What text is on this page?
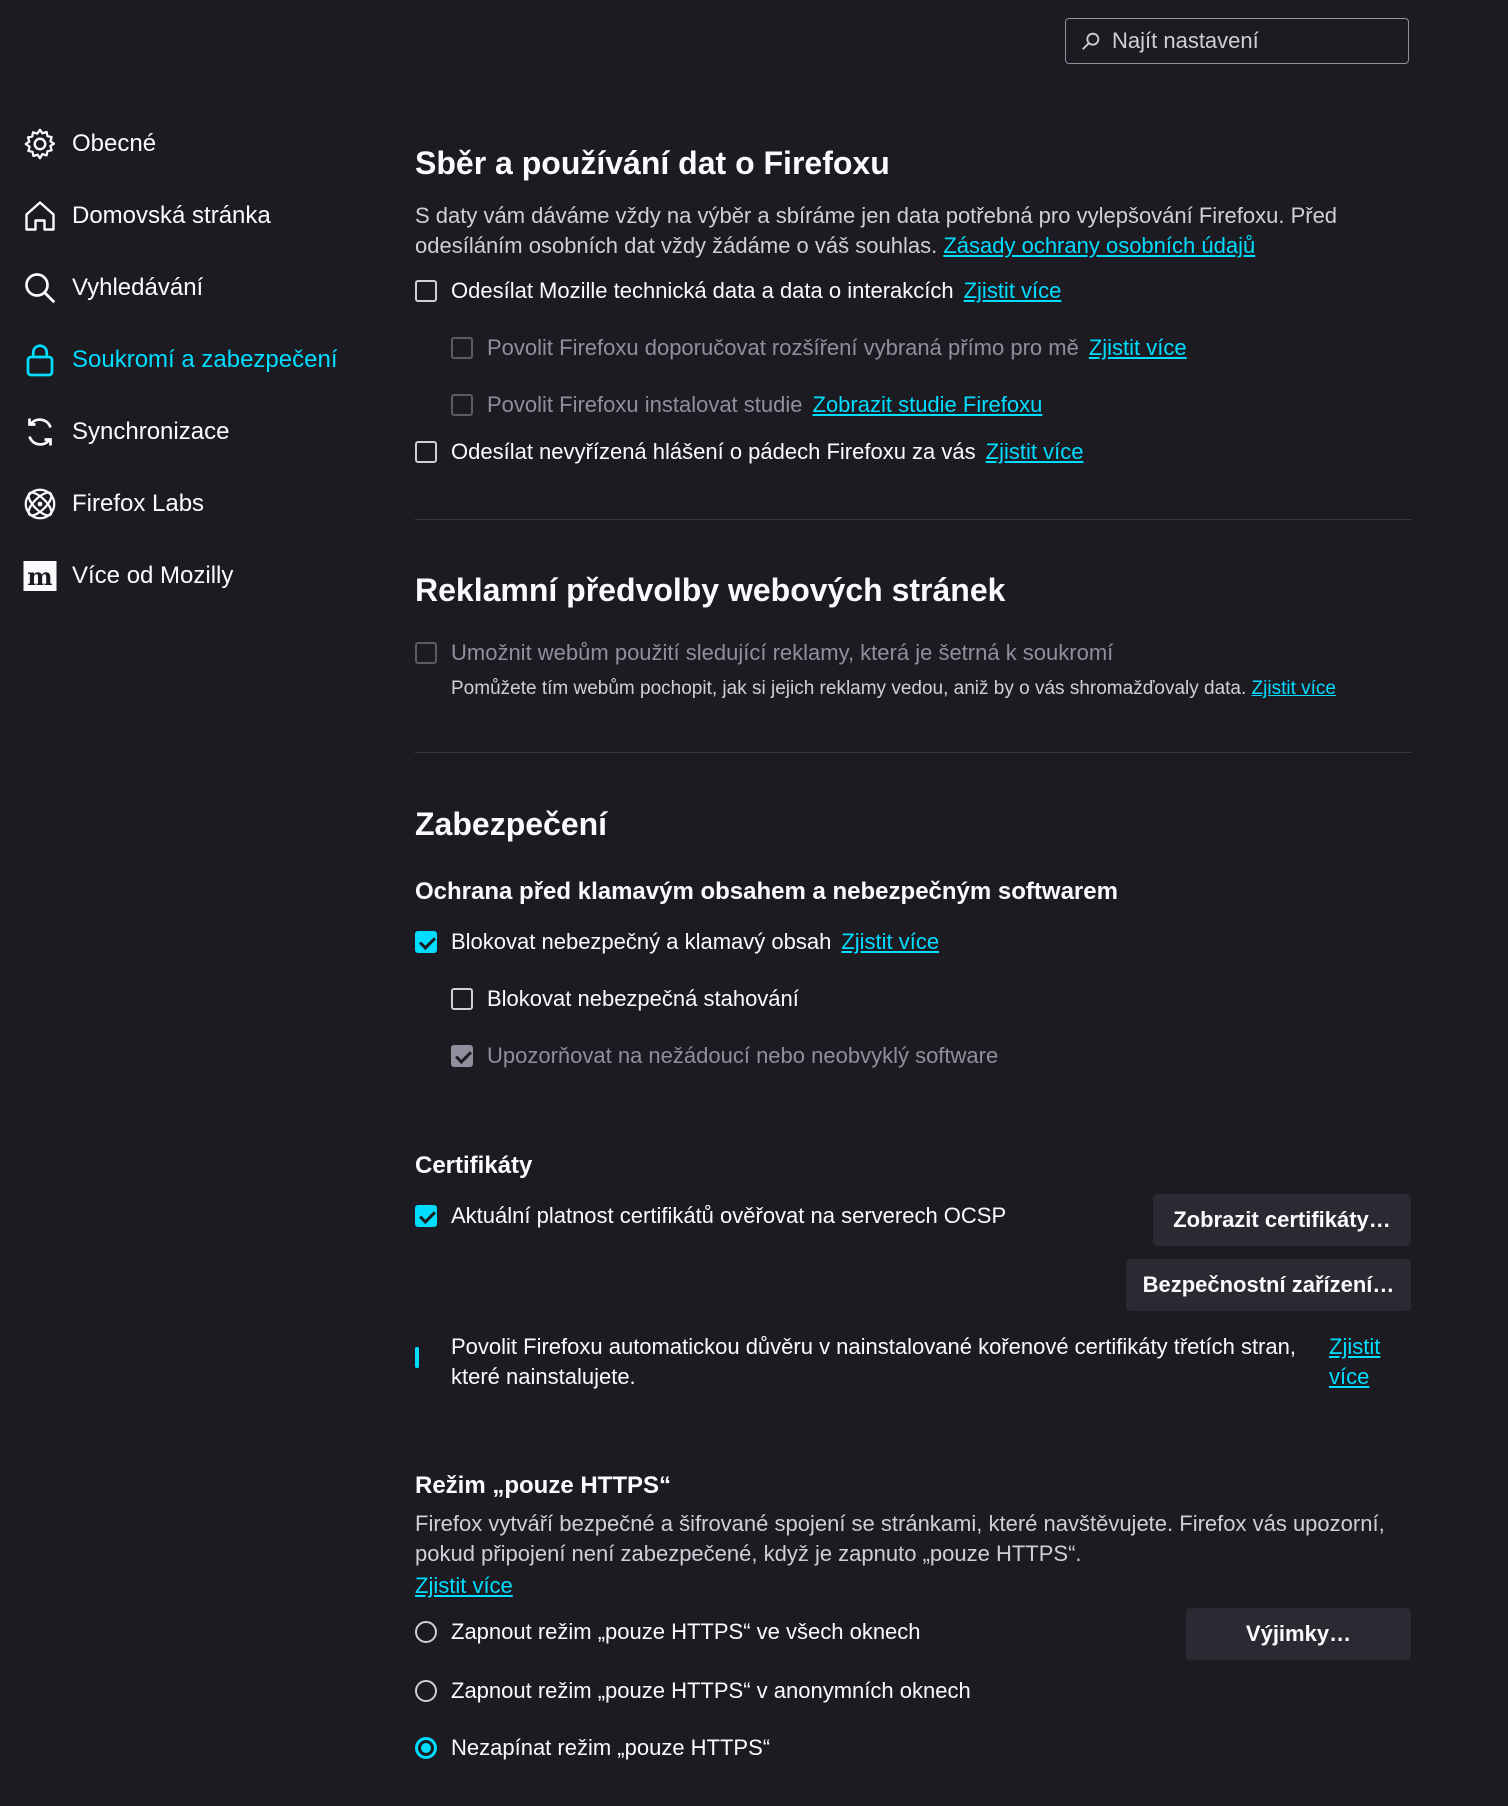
Najít nastavení
Obecné
Domovská stránka
Vyhledávání
Soukromí a zabezpečení
Synchronizace
Firefox Labs
m Více od Mozilly
Sběr a používání dat o Firefoxu
S daty vám dáváme vždy na výběr a sbíráme jen data potřebná pro vylepšování Firefoxu. Před odesíláním osobních dat vždy žádáme o váš souhlas. Zásady ochrany osobních údajů
Odesílat Mozille technická data a data o interakcích Zjistit více
Povolit Firefoxu doporučovat rozšíření vybraná přímo pro mě Zjistit více
Povolit Firefoxu instalovat studie Zobrazit studie Firefoxu
Odesílat nevyřízená hlášení o pádech Firefoxu za vás Zjistit více
Reklamní předvolby webových stránek
Umožnit webům použití sledující reklamy, která je šetrná k soukromí
Pomůžete tím webům pochopit, jak si jejich reklamy vedou, aniž by o vás shromažďovaly data. Zjistit více
Zabezpečení
Ochrana před klamavým obsahem a nebezpečným softwarem
Blokovat nebezpečný a klamavý obsah Zjistit více
Blokovat nebezpečná stahování
Upozorňovat na nežádoucí nebo neobvyklý software
Certifikáty
Aktuální platnost certifikátů ověřovat na serverech OCSP	Zobrazit certifikáty…
Bezpečnostní zařízení…
Povolit Firefoxu automatickou důvěru v nainstalované kořenové certifikáty třetích stran,
které nainstalujete.
Zjistit
více
Režim „pouze HTTPS“
Firefox vytváří bezpečné a šifrované spojení se stránkami, které navštěvujete. Firefox vás upozorní, pokud připojení není zabezpečené, když je zapnuto „pouze HTTPS“.
Zjistit více
Zapnout režim „pouze HTTPS“ ve všech oknech	Výjimky…
Zapnout režim „pouze HTTPS“ v anonymních oknech
Nezapínat režim „pouze HTTPS“
